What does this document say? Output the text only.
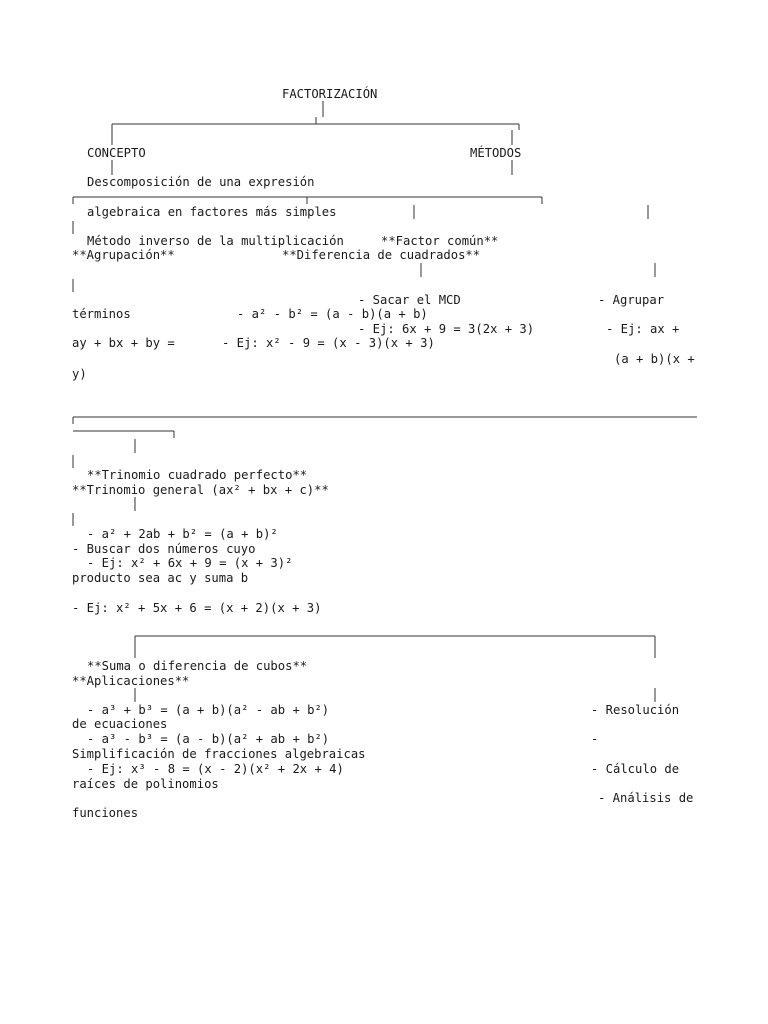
FACTORIZACIÓN

CONCEPTO	MÉTODOS

Descomposición de una expresión

algebraica en factores más simples

Método inverso de la multiplicación	**Factor común**

**Agrupación**	**Diferencia de cuadrados**

- Sacar el MCD	- Agrupar

términos	- a² - b² = (a - b)(a + b)

- Ej: 6x + 9 = 3(2x + 3)	- Ej: ax +

ay + bx + by =	- Ej: x² - 9 = (x - 3)(x + 3)

(a + b)(x +

y)

**Trinomio cuadrado perfecto**

**Trinomio general (ax² + bx + c)**

- a² + 2ab + b² = (a + b)²

- Buscar dos números cuyo

- Ej: x² + 6x + 9 = (x + 3)²

producto sea ac y suma b

- Ej: x² + 5x + 6 = (x + 2)(x + 3)

**Suma o diferencia de cubos**

**Aplicaciones**

- a³ + b³ = (a + b)(a² - ab + b²)	- Resolución

de ecuaciones

- a³ - b³ = (a - b)(a² + ab + b²)	-

Simplificación de fracciones algebraicas

- Ej: x³ - 8 = (x - 2)(x² + 2x + 4)	- Cálculo de

raíces de polinomios

- Análisis de

funciones
